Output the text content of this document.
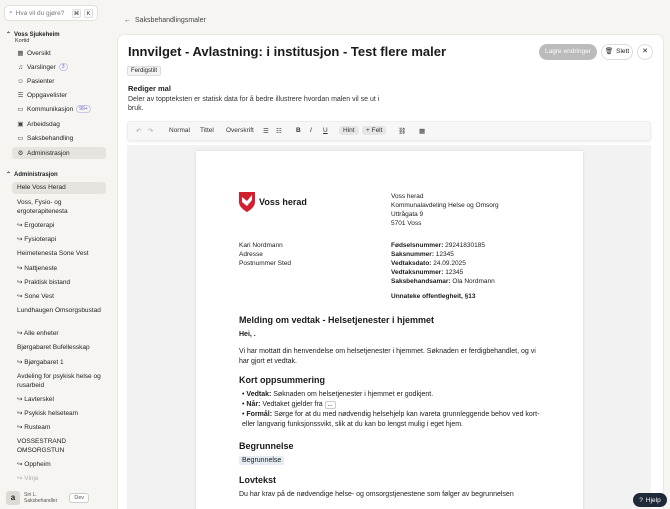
⌕ Hva vil du gjøre?	⌘	K
⌃ Voss Sjukeheim
Kortid
▦ Oversikt
♫ Varslinger	3
☺ Pasienter
☰ Oppgavelister
▭ Kommunikasjon	99+
▣ Arbeidsdag
▭ Saksbehandling
⚙ Administrasjon
⌃ Administrasjon
Hele Voss Herad
Voss, Fysio- og ergoterapitenesta
↪ Ergoterapi
↪ Fysioterapi
Heimetenesta Sone Vest
↪ Nattjeneste
↪ Praktisk bistand
↪ Sone Vest
Lundhaugen Omsorgsbustad
↪ Alle enheter
Bjørgabaret Bufellesskap
↪ Bjørgabaret 1
Avdeling for psykisk helse og rusarbeid
↪ Lavterskel
↪ Psykisk helseteam
↪ Rusteam
VOSSESTRAND OMSORGSTUN
↪ Oppheim
↪ Vinje
a	Siri L.
Saksbehandler	Dev
← Saksbehandlingsmaler
Innvilget - Avlastning: i institusjon - Test flere maler	Lagre endringer	🗑 Slett	✕
Ferdigstilt
Rediger mal
Deler av toppteksten er statisk data for å bedre illustrere hvordan malen vil se ut i bruk.
↶ ↷ Normal Tittel Overskrift ☰ ☷ B I U	Hint	+ Felt	⛓ ▦
Voss herad
Voss herad
Kommunalavdeling Helse og Omsorg
Uttrågata 9
5701 Voss
Kari Nordmann
Adresse
Postnummer Sted
Fødselsnummer: 29241830185
Saksnummer: 12345
Vedtaksdato: 24.09.2025
Vedtaksnummer: 12345
Saksbehandsamar: Ola Nordmann
Unnateke offentlegheit, §13
Melding om vedtak - Helsetjenester i hjemmet
Hei, .
Vi har mottatt din henvendelse om helsetjenester i hjemmet. Søknaden er ferdigbehandlet, og vi har gjort et vedtak.
Kort oppsummering
• Vedtak: Søknaden om helsetjenester i hjemmet er godkjent.
• Når: Vedtaket gjelder fra ...
• Formål: Sørge for at du med nødvendig helsehjelp kan ivareta grunnleggende behov ved kort- eller langvarig funksjonssvikt, slik at du kan bo lengst mulig i eget hjem.
Begrunnelse
Begrunnelse
Lovtekst
Du har krav på de nødvendige helse- og omsorgstjenestene som følger av begrunnelsen
? Hjelp
